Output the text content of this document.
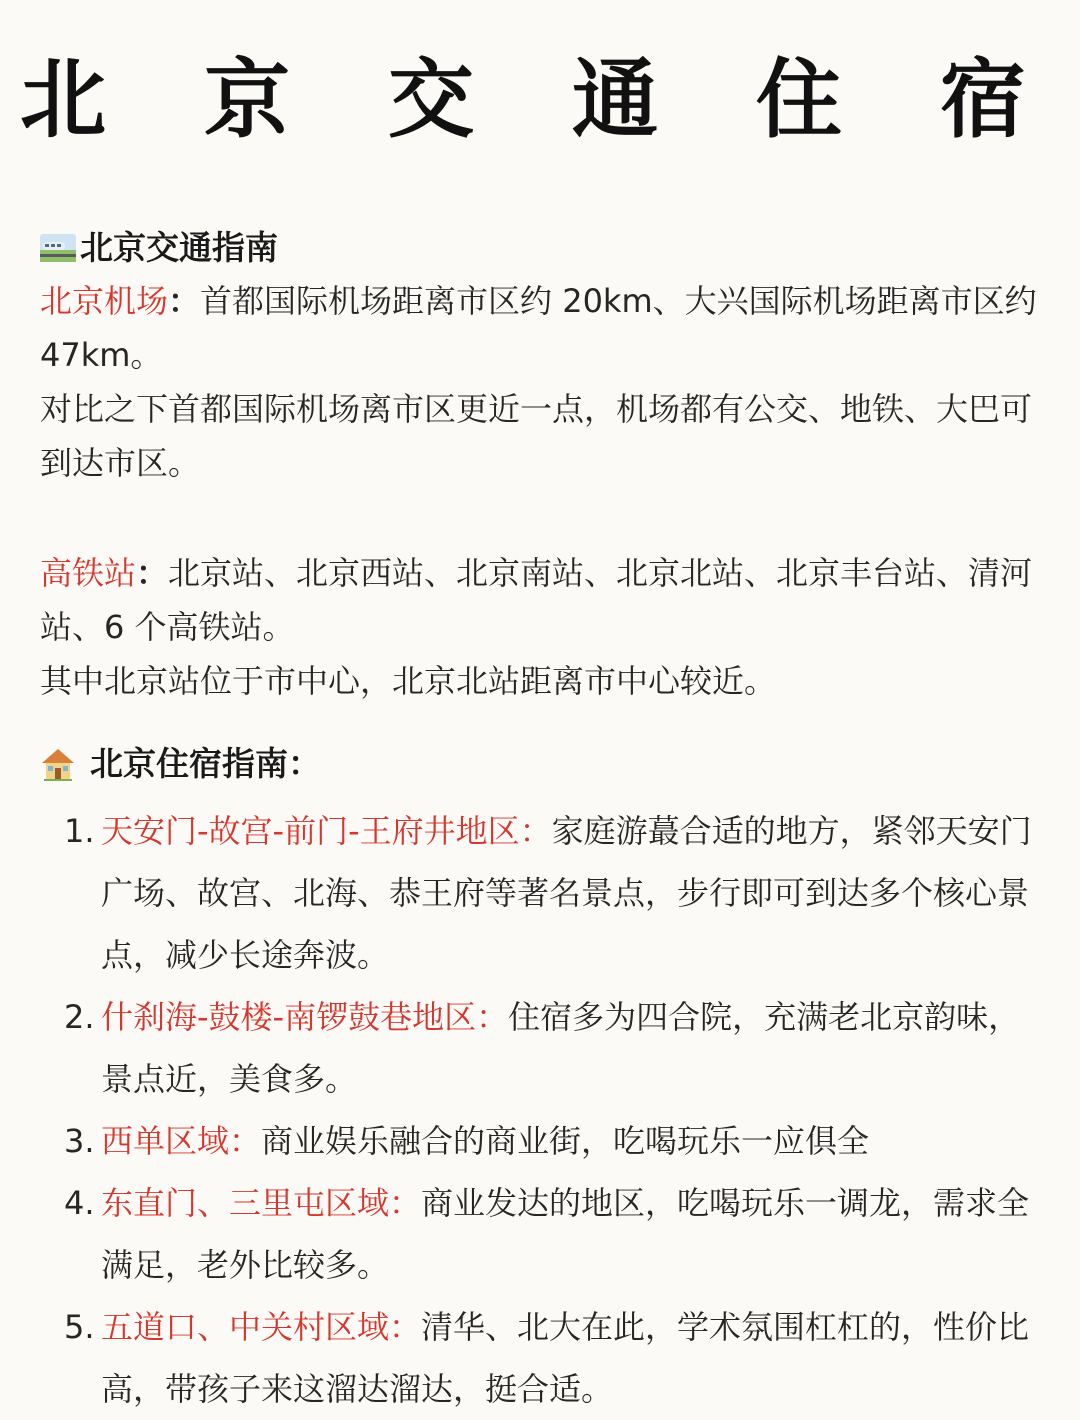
北 京 交 通 住 宿
北京交通指南
北京机场：首都国际机场距离市区约 20km、大兴国际机场距离市区约 47km。
对比之下首都国际机场离市区更近一点，机场都有公交、地铁、大巴可到达市区。
高铁站：北京站、北京西站、北京南站、北京北站、北京丰台站、清河站、6 个高铁站。
其中北京站位于市中心，北京北站距离市中心较近。
北京住宿指南：
1. 天安门-故宫-前门-王府井地区：家庭游蕞合适的地方，紧邻天安门广场、故宫、北海、恭王府等著名景点，步行即可到达多个核心景点，减少长途奔波。
2. 什刹海-鼓楼-南锣鼓巷地区：住宿多为四合院，充满老北京韵味，景点近，美食多。
3. 西单区域：商业娱乐融合的商业街，吃喝玩乐一应俱全
4. 东直门、三里屯区域：商业发达的地区，吃喝玩乐一调龙，需求全满足，老外比较多。
5. 五道口、中关村区域：清华、北大在此，学术氛围杠杠的，性价比高，带孩子来这溜达溜达，挺合适。
